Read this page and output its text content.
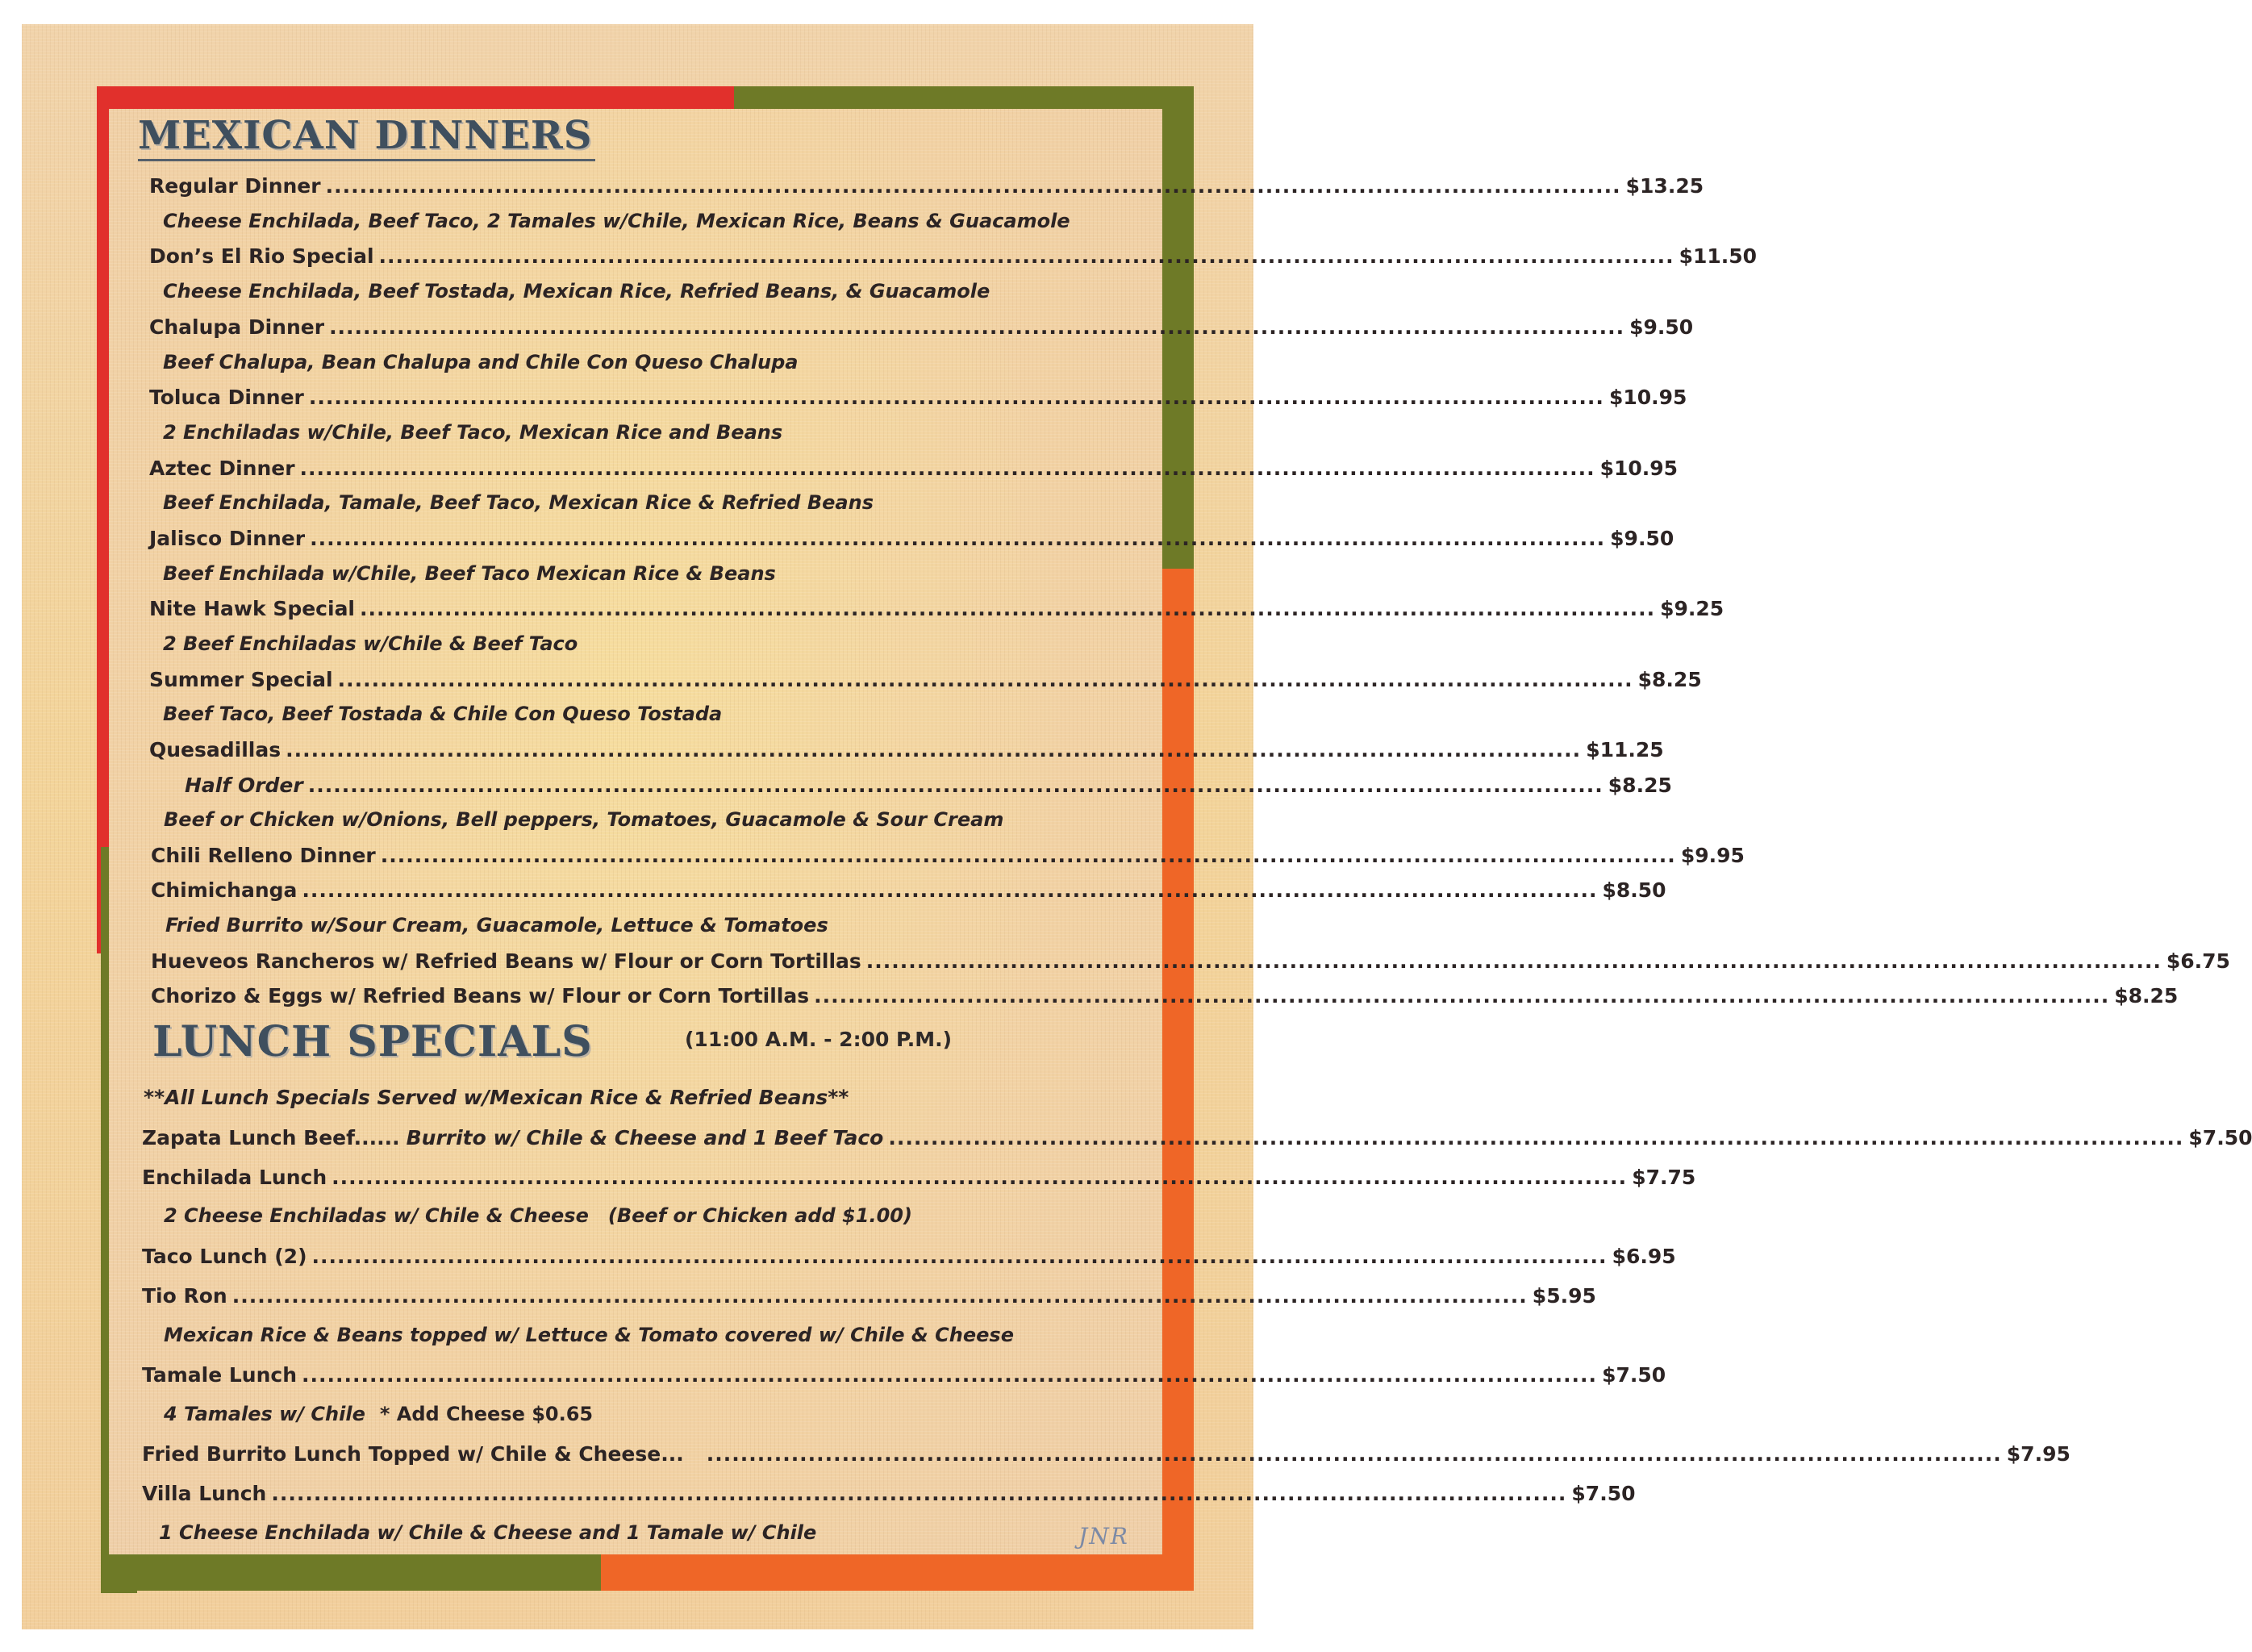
MEXICAN DINNERS
Regular Dinner ......................................................................................................................................................... $13.25
Cheese Enchilada, Beef Taco, 2 Tamales w/Chile, Mexican Rice, Beans & Guacamole
Don’s El Rio Special ......................................................................................................................................................... $11.50
Cheese Enchilada, Beef Tostada, Mexican Rice, Refried Beans, & Guacamole
Chalupa Dinner ......................................................................................................................................................... $9.50
Beef Chalupa, Bean Chalupa and Chile Con Queso Chalupa
Toluca Dinner ......................................................................................................................................................... $10.95
2 Enchiladas w/Chile, Beef Taco, Mexican Rice and Beans
Aztec Dinner ......................................................................................................................................................... $10.95
Beef Enchilada, Tamale, Beef Taco, Mexican Rice & Refried Beans
Jalisco Dinner ......................................................................................................................................................... $9.50
Beef Enchilada w/Chile, Beef Taco Mexican Rice & Beans
Nite Hawk Special ......................................................................................................................................................... $9.25
2 Beef Enchiladas w/Chile & Beef Taco
Summer Special ......................................................................................................................................................... $8.25
Beef Taco, Beef Tostada & Chile Con Queso Tostada
Quesadillas ......................................................................................................................................................... $11.25
Half Order ......................................................................................................................................................... $8.25
Beef or Chicken w/Onions, Bell peppers, Tomatoes, Guacamole & Sour Cream
Chili Relleno Dinner ......................................................................................................................................................... $9.95
Chimichanga ......................................................................................................................................................... $8.50
Fried Burrito w/Sour Cream, Guacamole, Lettuce & Tomatoes
Hueveos Rancheros w/ Refried Beans w/ Flour or Corn Tortillas ......................................................................................................................................................... $6.75
Chorizo & Eggs w/ Refried Beans w/ Flour or Corn Tortillas ......................................................................................................................................................... $8.25
LUNCH SPECIALS	(11:00 A.M. - 2:00 P.M.)
**All Lunch Specials Served w/Mexican Rice & Refried Beans**
Zapata Lunch Beef...... Burrito w/ Chile & Cheese and 1 Beef Taco ......................................................................................................................................................... $7.50
Enchilada Lunch ......................................................................................................................................................... $7.75
2 Cheese Enchiladas w/ Chile & Cheese (Beef or Chicken add $1.00)
Taco Lunch (2) ......................................................................................................................................................... $6.95
Tio Ron ......................................................................................................................................................... $5.95
Mexican Rice & Beans topped w/ Lettuce & Tomato covered w/ Chile & Cheese
Tamale Lunch ......................................................................................................................................................... $7.50
4 Tamales w/ Chile * Add Cheese $0.65
Fried Burrito Lunch Topped w/ Chile & Cheese... ......................................................................................................................................................... $7.95
Villa Lunch ......................................................................................................................................................... $7.50
1 Cheese Enchilada w/ Chile & Cheese and 1 Tamale w/ Chile	JNR
